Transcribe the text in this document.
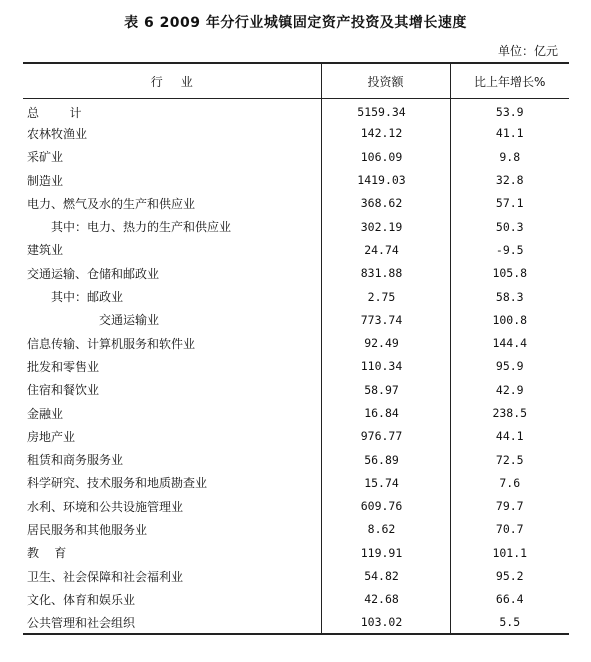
表 6 2009 年分行业城镇固定资产投资及其增长速度
单位：亿元
行业	投资额	比上年增长%
总        计	5159.34	53.9
农林牧渔业	142.12	41.1
采矿业	106.09	9.8
制造业	1419.03	32.8
电力、燃气及水的生产和供应业	368.62	57.1
其中：电力、热力的生产和供应业	302.19	50.3
建筑业	24.74	-9.5
交通运输、仓储和邮政业	831.88	105.8
其中：邮政业	2.75	58.3
交通运输业	773.74	100.8
信息传输、计算机服务和软件业	92.49	144.4
批发和零售业	110.34	95.9
住宿和餐饮业	58.97	42.9
金融业	16.84	238.5
房地产业	976.77	44.1
租赁和商务服务业	56.89	72.5
科学研究、技术服务和地质勘查业	15.74	7.6
水利、环境和公共设施管理业	609.76	79.7
居民服务和其他服务业	8.62	70.7
教    育	119.91	101.1
卫生、社会保障和社会福利业	54.82	95.2
文化、体育和娱乐业	42.68	66.4
公共管理和社会组织	103.02	5.5
